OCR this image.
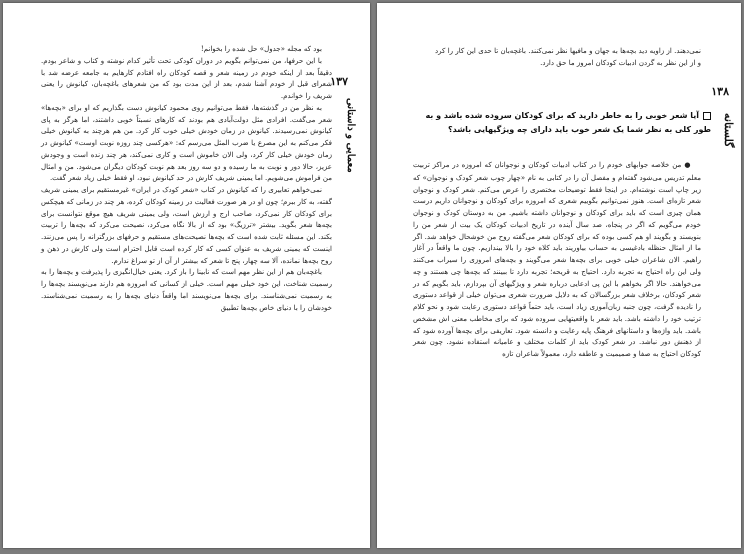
۱۳۷
معمایی و داستانی

بود که مجله «جدول» حل شده را بخوانم!

با این حرفها، من نمی‌توانم بگویم در دوران کودکی تحت تأثیر کدام نوشته و کتاب و شاعر بودم. دقیقاً بعد از اینکه خودم در زمینه شعر و قصه کودکان راه افتادم کارهایم به جامعه عرضه شد با شعرای قبل از خودم آشنا شدم، بعد از این مدت بود که من شعرهای باغچه‌بان، کیانوش را یعنی شریف را خواندم.

به نظر من در گذشته‌ها، فقط می‌توانیم روی محمود کیانوش دست بگذاریم که او برای «بچه‌ها» شعر می‌گفت. افرادی مثل دولت‌آبادی هم بودند که کارهای نسبتاً خوبی داشتند، اما هرگز به پای کیانوش نمی‌رسیدند. کیانوش در زمان خودش خیلی خوب کار کرد. من هم هرچند به کیانوش خیلی فکر می‌کنم به این مصرع یا ضرب المثل می‌رسم که: «هرکسی چند روزه نوبت اوست» کیانوش در زمان خودش خیلی کار کرد، ولی الان خاموش است و کاری نمی‌کند، هر چند زنده است و وجودش عزیز، حالا دور و نوبت به ما رسیده و دو سه روز بعد هم نوبت کودکان دیگران می‌شود. من و امثال من فراموش می‌شویم. اما یمینی شریف کارش در حد کیانوش نبود، او فقط خیلی زیاد شعر گفت.

نمی‌خواهم تعابیری را که کیانوش در کتاب «شعر کودک در ایران» غیرمستقیم برای یمینی شریف گفته، به کار ببرم؛ چون او در هر صورت فعالیت در زمینه کودکان کرده، هر چند در زمانی که هیچکس برای کودکان کار نمی‌کرد، صاحب ارج و ارزش است، ولی یمینی شریف هیچ موقع نتوانست برای بچه‌ها شعر بگوید. بیشتر «ترزیگ» بود که از بالا نگاه می‌کرد، نصیحت می‌کرد که بچه‌ها را تربیت بکند. این مسئله ثابت شده است که بچه‌ها نصیحت‌های مستقیم و حرفهای بزرگترانه را پس می‌زنند. اینست که یمینی شریف به عنوان کسی که کار کرده است قابل احترام است ولی کارش در ذهن و روح بچه‌ها نمانده، آلا سه چهار، پنج تا شعر که بیشتر از آن از تو سراغ ندارم.

باغچه‌بان هم از این نظر مهم است که نابینا را باز کرد. یعنی خیال‌انگیزی را پذیرفت و بچه‌ها را به رسمیت شناخت، این خود خیلی مهم است. خیلی از کسانی که امروزه هم دارند می‌نویسند بچه‌ها را به رسمیت نمی‌شناسند. برای بچه‌ها می‌نویسند اما واقعاً دنیای بچه‌ها را به رسمیت نمی‌شناسند. خودشان را با دنیای خاص بچه‌ها تطبیق

۱۳۸
گلستانه

نمی‌دهند. از زاویه دید بچه‌ها به جهان و مافیها نظر نمی‌کنند. باغچه‌بان تا حدی این کار را کرد و از این نظر به گردن ادبیات کودکان امروز ما حق دارد.

آیا شعر خوبی را به خاطر دارید که برای کودکان سروده شده باشد و به طور کلی به نظر شما یک شعر خوب باید دارای چه ویژگیهایی باشد؟

●من خلاصه جوابهای خودم را در کتاب ادبیات کودکان و نوجوانان که امروزه در مراکز تربیت معلم تدریس می‌شود گفته‌ام و مفصل آن را در کتابی به نام «چهار چوب شعر کودک و نوجوان» که زیر چاپ است نوشته‌ام. در اینجا فقط توضیحات مختصری را عرض می‌کنم. شعر کودک و نوجوان شعر تازه‌ای است. هنوز نمی‌توانیم بگوییم شعری که امروزه برای کودکان و نوجوانان داریم درست همان چیزی است که باید برای کودکان و نوجوانان داشته باشیم. من به دوستان کودک و نوجوان خودم می‌گویم که اگر در پنجاه، صد سال آینده در تاریخ ادبیات کودکان یک بیت از شعر من را بنویسند و بگویند او هم کسی بوده که برای کودکان شعر می‌گفته روح من خوشحال خواهد شد. اگر ما از امثال حنظله بادغیسی به حساب بیاوریند باید کلاه خود را بالا بیندازیم. چون ما واقعاً در آغاز راهیم. الان شاعران خیلی خوبی برای بچه‌ها شعر می‌گویند و بچه‌های امروزی را سیراب می‌کنند ولی این راه احتیاج به تجربه دارد. احتیاج به قریحه؛ تجربه دارد تا ببینند که بچه‌ها چی هستند و چه می‌خواهند. حالا اگر بخواهم با این پی ادعایی دربار‌ه شعر و ویژگیهای آن بپردازم، باید بگویم که در شعر کودکان، برخلاف شعر بزرگسالان که به دلایل ضرورت شعری می‌توان خیلی از قواعد دستوری را نادیده گرفت، چون جنبه زبان‌آموزی زیاد است، باید حتماً قواعد دستوری رعایت شود و نحو کلام ترتیب خود را داشته باشد. باید شعر با واقعیتهایی سروده شود که برای مخاطب معنی اش مشخص باشد. باید واژه‌ها و داستانهای فرهنگ پایه رعایت و دانسته شود. تعاریفی برای بچه‌ها آورده شود که از ذهنش دور نباشد. در شعر کودک باید از کلمات مختلف و عامیانه استفاده نشود. چون شعر کودکان احتیاج به صفا و صمیمیت و عاطفه دارد، معمولاً شاعران تازه
